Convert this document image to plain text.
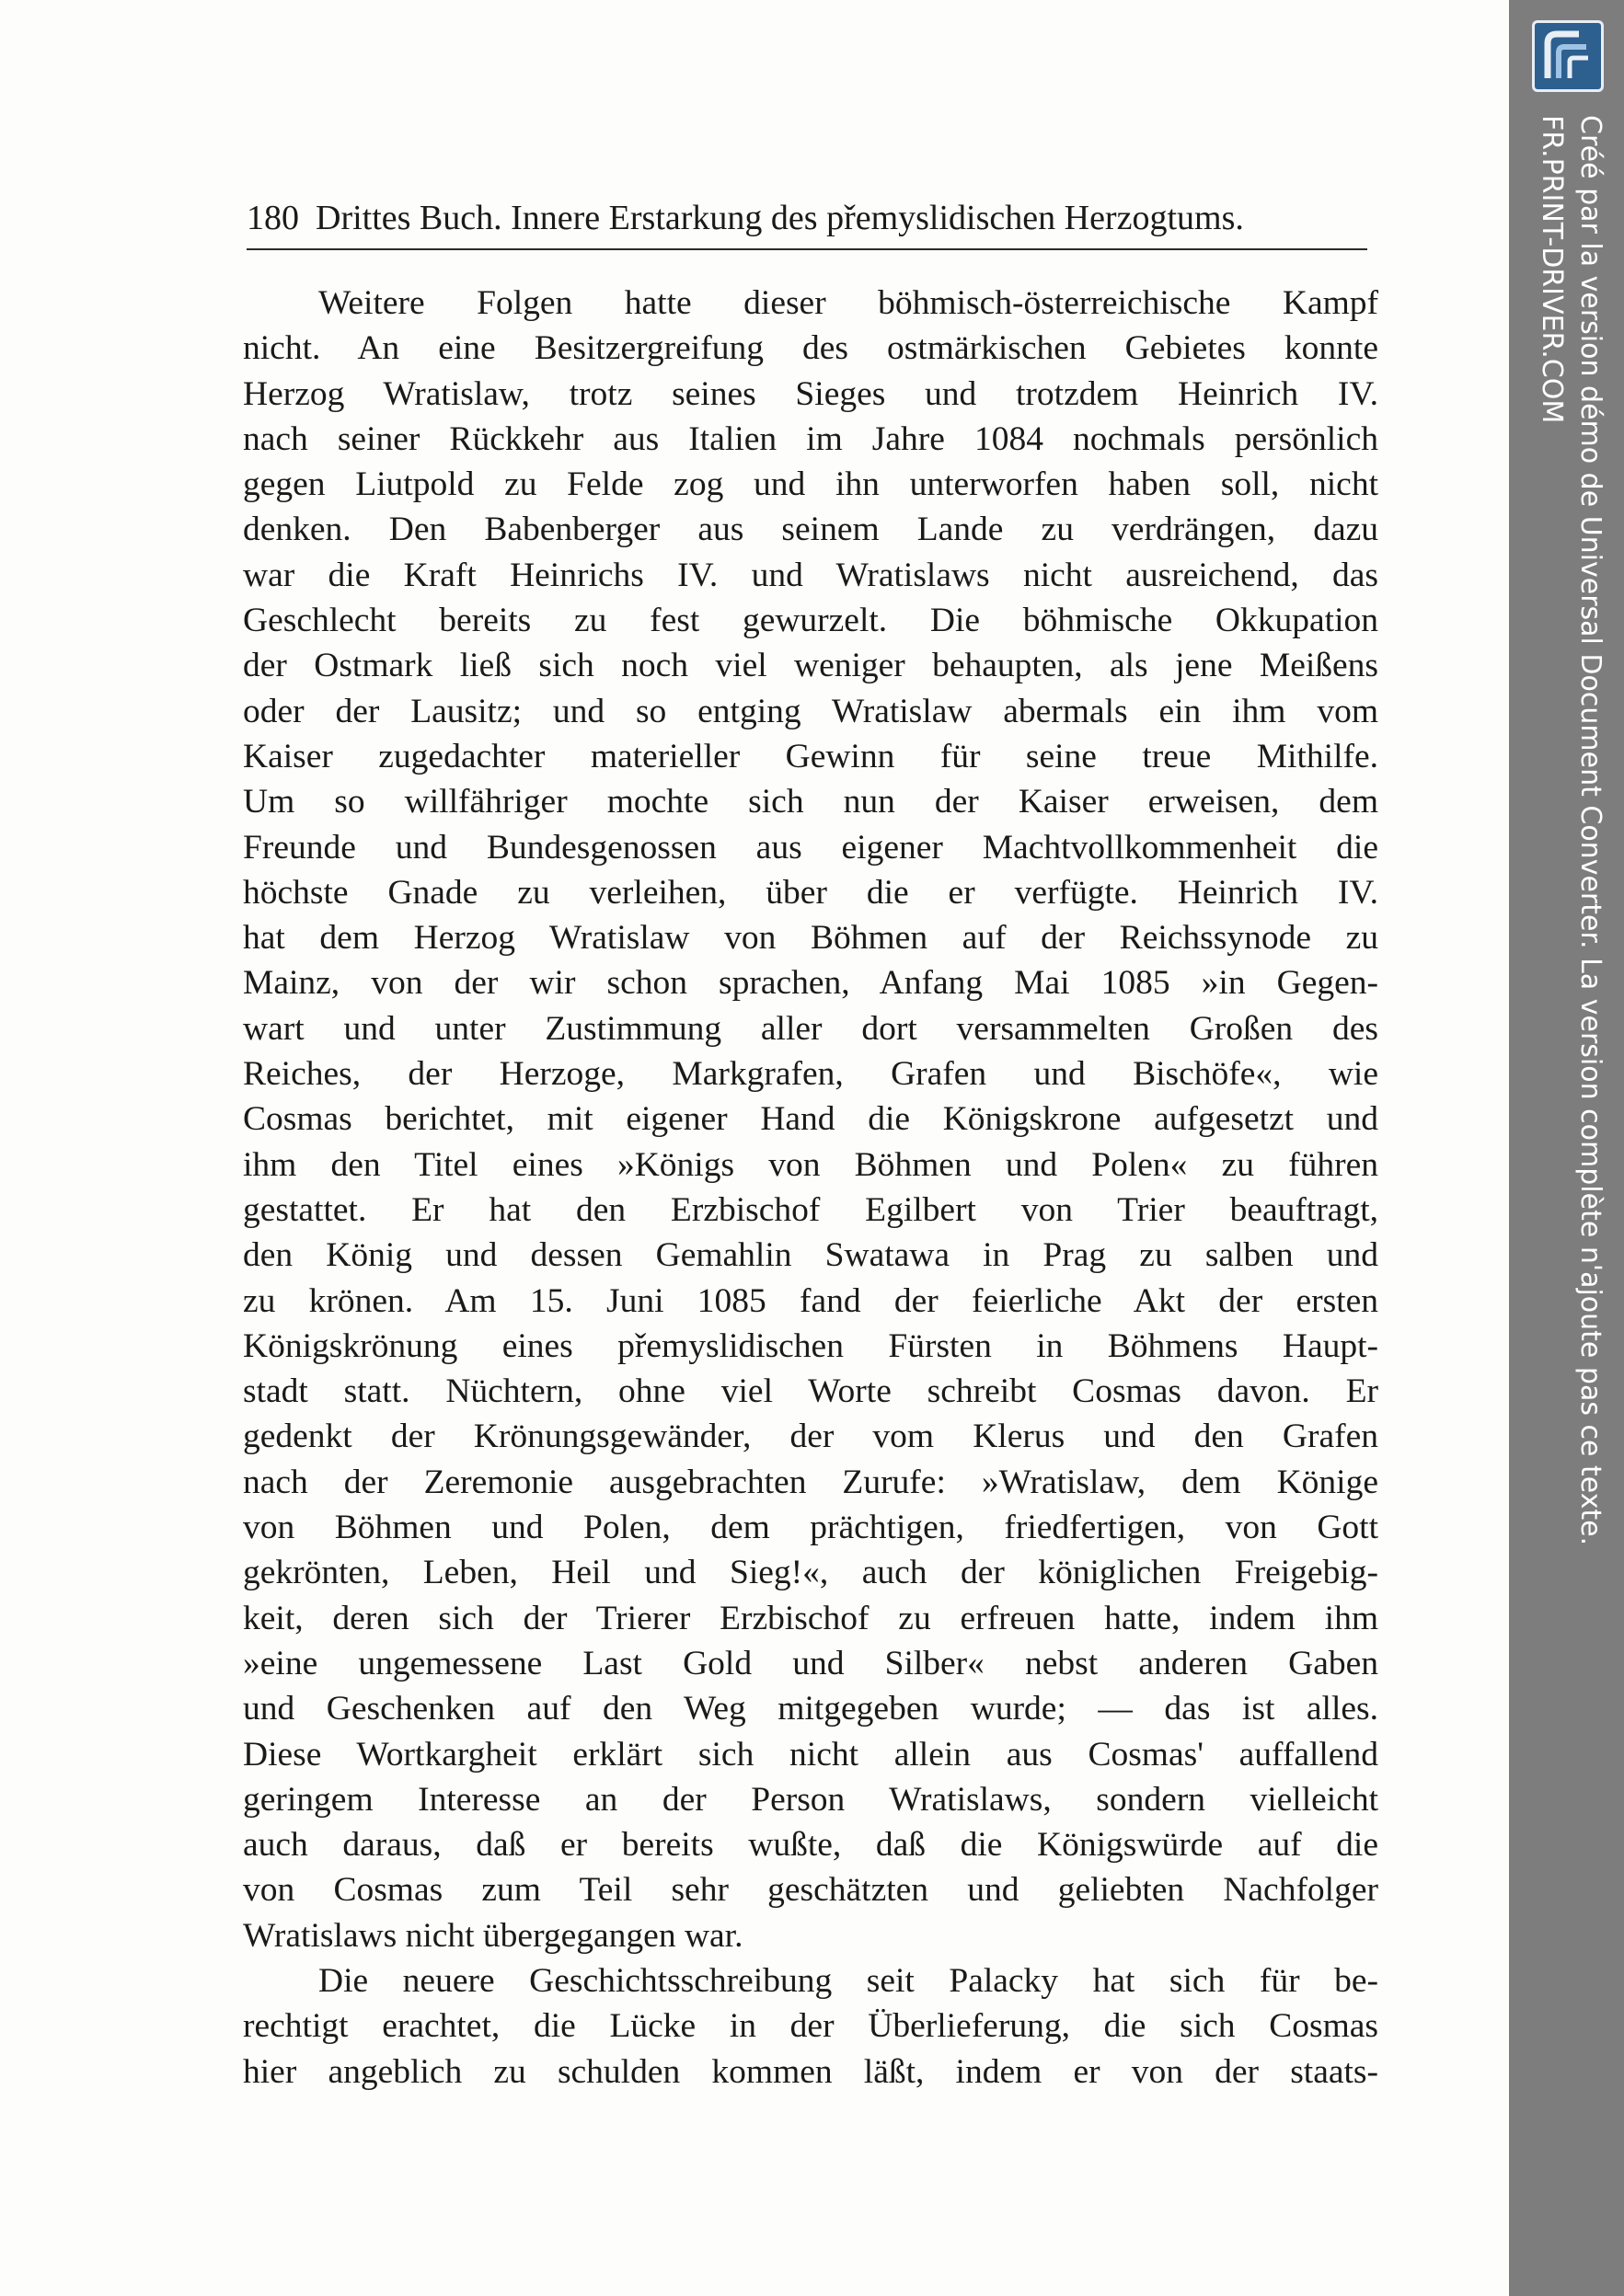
180 Drittes Buch. Innere Erstarkung des přemyslidischen Herzogtums.
Weitere Folgen hatte dieser böhmisch-österreichische Kampf
nicht. An eine Besitzergreifung des ostmärkischen Gebietes konnte
Herzog Wratislaw, trotz seines Sieges und trotzdem Heinrich IV.
nach seiner Rückkehr aus Italien im Jahre 1084 nochmals persönlich
gegen Liutpold zu Felde zog und ihn unterworfen haben soll, nicht
denken. Den Babenberger aus seinem Lande zu verdrängen, dazu
war die Kraft Heinrichs IV. und Wratislaws nicht ausreichend, das
Geschlecht bereits zu fest gewurzelt. Die böhmische Okkupation
der Ostmark ließ sich noch viel weniger behaupten, als jene Meißens
oder der Lausitz; und so entging Wratislaw abermals ein ihm vom
Kaiser zugedachter materieller Gewinn für seine treue Mithilfe.
Um so willfähriger mochte sich nun der Kaiser erweisen, dem
Freunde und Bundesgenossen aus eigener Machtvollkommenheit die
höchste Gnade zu verleihen, über die er verfügte. Heinrich IV.
hat dem Herzog Wratislaw von Böhmen auf der Reichssynode zu
Mainz, von der wir schon sprachen, Anfang Mai 1085 »in Gegen-
wart und unter Zustimmung aller dort versammelten Großen des
Reiches, der Herzoge, Markgrafen, Grafen und Bischöfe«, wie
Cosmas berichtet, mit eigener Hand die Königskrone aufgesetzt und
ihm den Titel eines »Königs von Böhmen und Polen« zu führen
gestattet. Er hat den Erzbischof Egilbert von Trier beauftragt,
den König und dessen Gemahlin Swatawa in Prag zu salben und
zu krönen. Am 15. Juni 1085 fand der feierliche Akt der ersten
Königskrönung eines přemyslidischen Fürsten in Böhmens Haupt-
stadt statt. Nüchtern, ohne viel Worte schreibt Cosmas davon. Er
gedenkt der Krönungsgewänder, der vom Klerus und den Grafen
nach der Zeremonie ausgebrachten Zurufe: »Wratislaw, dem Könige
von Böhmen und Polen, dem prächtigen, friedfertigen, von Gott
gekrönten, Leben, Heil und Sieg!«, auch der königlichen Freigebig-
keit, deren sich der Trierer Erzbischof zu erfreuen hatte, indem ihm
»eine ungemessene Last Gold und Silber« nebst anderen Gaben
und Geschenken auf den Weg mitgegeben wurde; — das ist alles.
Diese Wortkargheit erklärt sich nicht allein aus Cosmas' auffallend
geringem Interesse an der Person Wratislaws, sondern vielleicht
auch daraus, daß er bereits wußte, daß die Königswürde auf die
von Cosmas zum Teil sehr geschätzten und geliebten Nachfolger
Wratislaws nicht übergegangen war.
Die neuere Geschichtsschreibung seit Palacky hat sich für be-
rechtigt erachtet, die Lücke in der Überlieferung, die sich Cosmas
hier angeblich zu schulden kommen läßt, indem er von der staats-
Créé par la version démo de Universal Document Converter. La version complète n'ajoute pas ce texte.
FR.PRINT-DRIVER.COM
